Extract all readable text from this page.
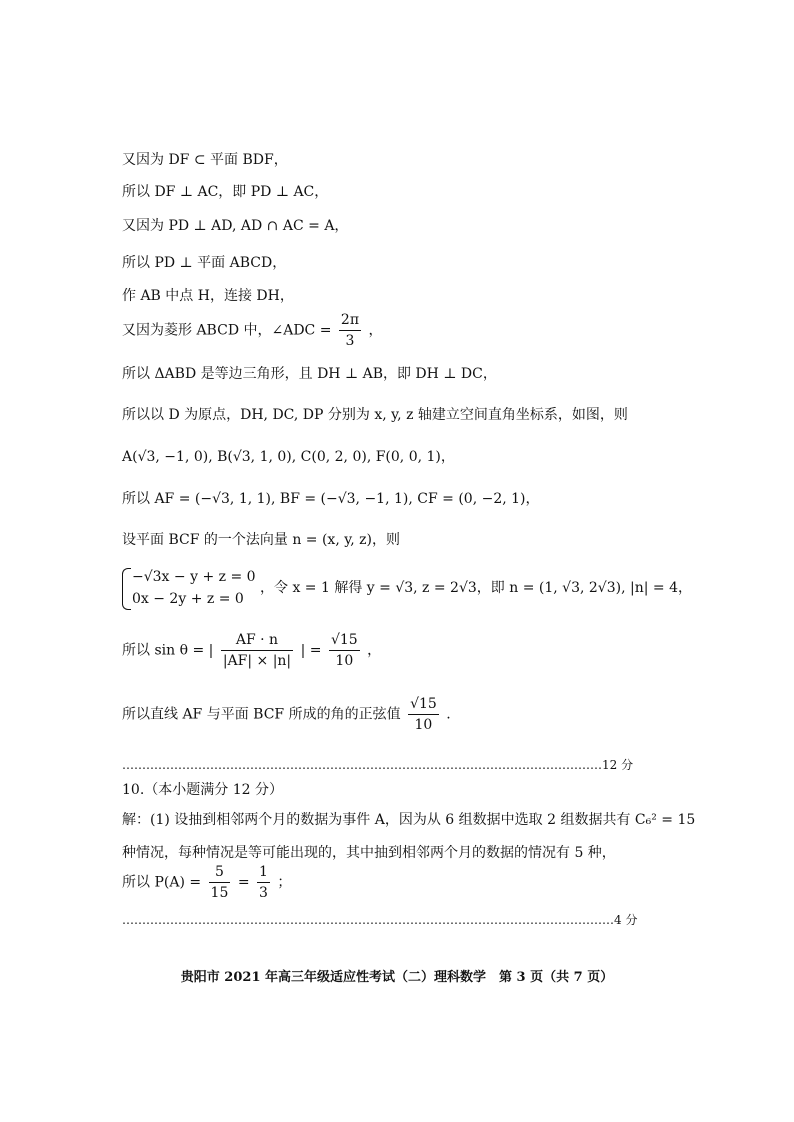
又因为 DF ⊂ 平面 BDF，
所以 DF ⊥ AC，即 PD ⊥ AC，
又因为 PD ⊥ AD, AD ∩ AC = A，
所以 PD ⊥ 平面 ABCD，
作 AB 中点 H，连接 DH，
又因为菱形 ABCD 中，∠ADC = $\frac{2\pi}{3}$ ，
所以 ΔABD 是等边三角形，且 DH ⊥ AB，即 DH ⊥ DC，
所以以 D 为原点，DH, DC, DP 分别为 x, y, z 轴建立空间直角坐标系，如图，则
A(√3, −1, 0), B(√3, 1, 0), C(0, 2, 0), F(0, 0, 1)，
所以 AF = (−√3, 1, 1), BF = (−√3, −1, 1), CF = (0, −2, 1)，
设平面 BCF 的一个法向量 n = (x, y, z)，则
−√3x − y + z = 0
0x − 2y + z = 0
，令 x = 1 解得 y = √3, z = 2√3，即 n = (1, √3, 2√3), |n| = 4，
所以 sin θ = | $\frac{AF \cdot n}{|AF| \times |n|}$ | = $\frac{√15}{10}$ ，
所以直线 AF 与平面 BCF 所成的角的正弦值 $\frac{√15}{10}$ .
…………………………………………………………………………………………………………12 分
10.（本小题满分 12 分）
解：(1) 设抽到相邻两个月的数据为事件 A，因为从 6 组数据中选取 2 组数据共有 C₆² = 15
种情况，每种情况是等可能出现的，其中抽到相邻两个月的数据的情况有 5 种，
所以 $P(A) = \frac{5}{15} = \frac{1}{3}$ ；
……………………………………………………………………………………………………………4 分
贵阳市 2021 年高三年级适应性考试（二）理科数学　第 3 页（共 7 页）
